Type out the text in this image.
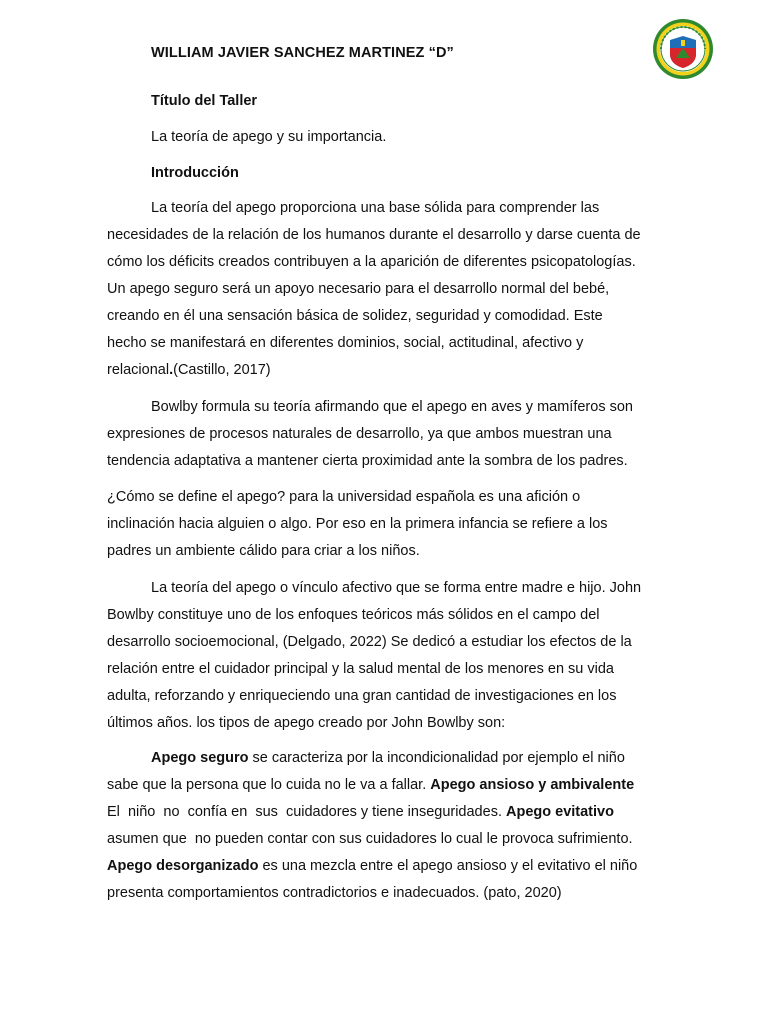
WILLIAM JAVIER SANCHEZ MARTINEZ “D”
Título del Taller
La teoría de apego y su importancia.
Introducción
La teoría del apego proporciona una base sólida para comprender las
necesidades de la relación de los humanos durante el desarrollo y darse cuenta de
cómo los déficits creados contribuyen a la aparición de diferentes psicopatologías.
Un apego seguro será un apoyo necesario para el desarrollo normal del bebé,
creando en él una sensación básica de solidez, seguridad y comodidad. Este
hecho se manifestará en diferentes dominios, social, actitudinal, afectivo y
relacional.(Castillo, 2017)
Bowlby formula su teoría afirmando que el apego en aves y mamíferos son
expresiones de procesos naturales de desarrollo, ya que ambos muestran una
tendencia adaptativa a mantener cierta proximidad ante la sombra de los padres.
¿Cómo se define el apego? para la universidad española es una afición o
inclinación hacia alguien o algo. Por eso en la primera infancia se refiere a los
padres un ambiente cálido para criar a los niños.
La teoría del apego o vínculo afectivo que se forma entre madre e hijo. John
Bowlby constituye uno de los enfoques teóricos más sólidos en el campo del
desarrollo socioemocional, (Delgado, 2022) Se dedicó a estudiar los efectos de la
relación entre el cuidador principal y la salud mental de los menores en su vida
adulta, reforzando y enriqueciendo una gran cantidad de investigaciones en los
últimos años. los tipos de apego creado por John Bowlby son:
Apego seguro se caracteriza por la incondicionalidad por ejemplo el niño
sabe que la persona que lo cuida no le va a fallar. Apego ansioso y ambivalente
El  niño  no  confía en  sus  cuidadores y tiene inseguridades. Apego evitativo
asumen que  no pueden contar con sus cuidadores lo cual le provoca sufrimiento.
Apego desorganizado es una mezcla entre el apego ansioso y el evitativo el niño
presenta comportamientos contradictorios e inadecuados. (pato, 2020)
